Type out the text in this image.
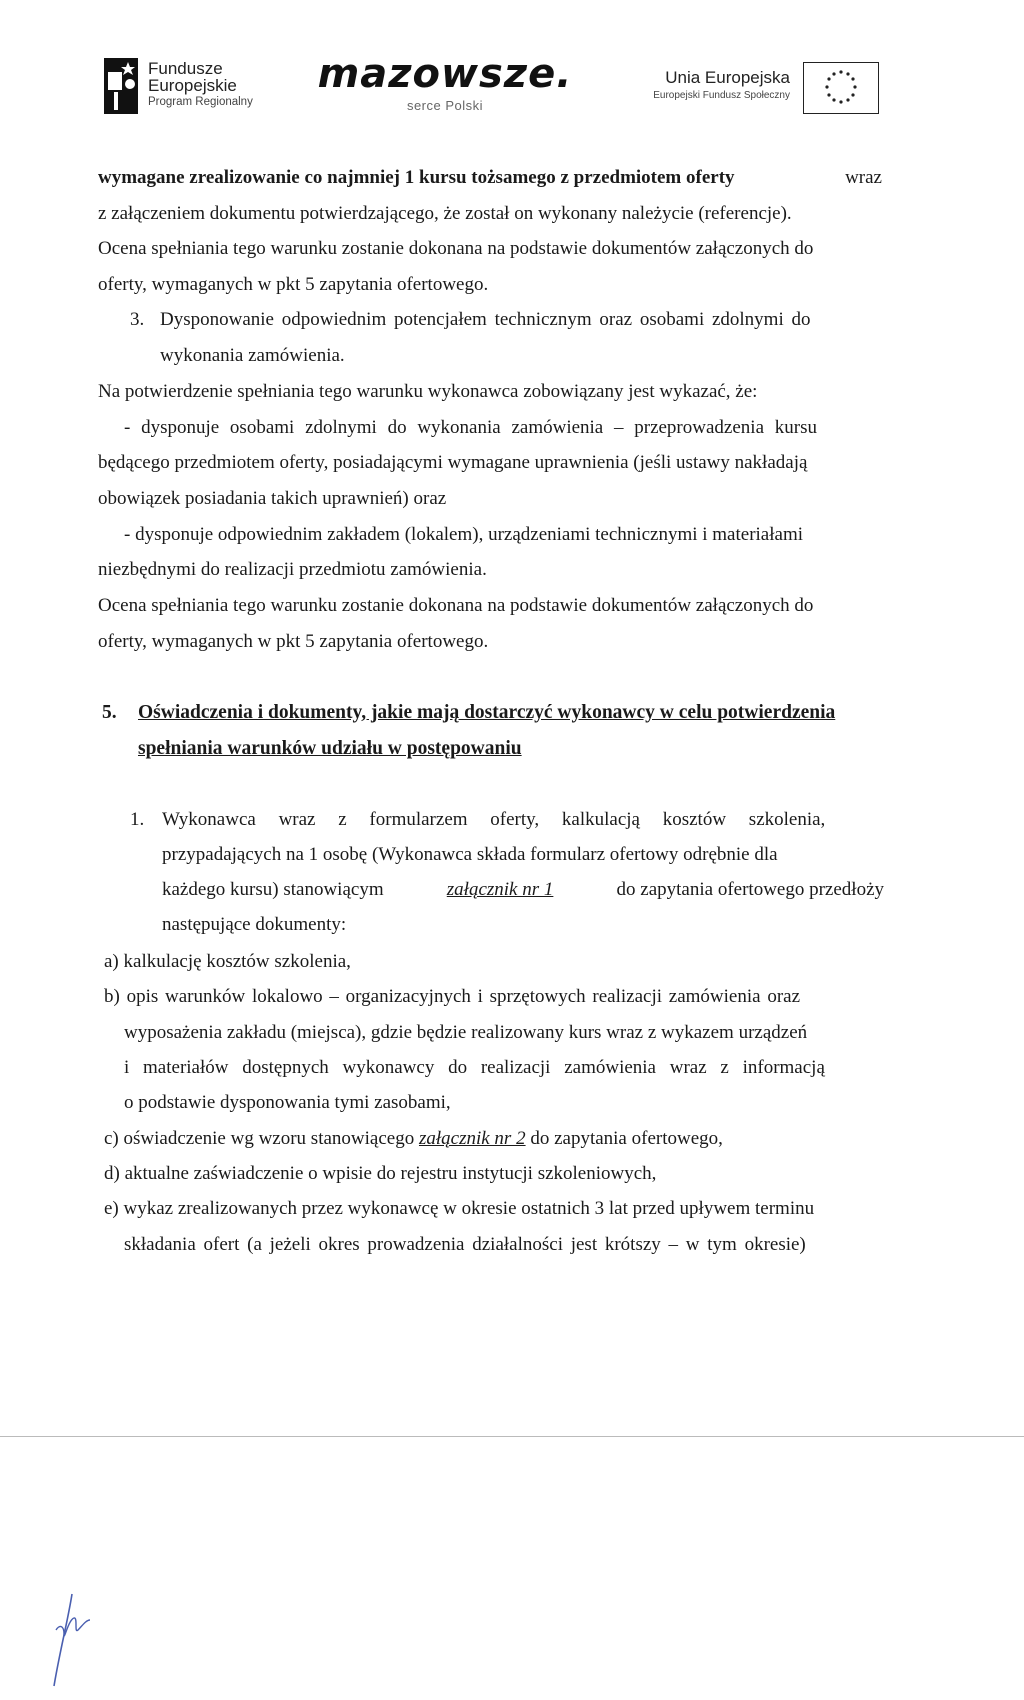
Fundusze
Europejskie
Program Regionalny
mazowsze.
serce Polski
Unia Europejska
Europejski Fundusz Społeczny
wymagane zrealizowanie co najmniej 1 kursu tożsamego z przedmiotem oferty	wraz
z załączeniem dokumentu potwierdzającego, że został on wykonany należycie (referencje).
Ocena spełniania tego warunku zostanie dokonana na podstawie dokumentów załączonych do
oferty, wymaganych w pkt 5 zapytania ofertowego.
3. Dysponowanie odpowiednim potencjałem technicznym oraz osobami zdolnymi do
wykonania zamówienia.
Na potwierdzenie spełniania tego warunku wykonawca zobowiązany jest wykazać, że:
- dysponuje osobami zdolnymi do wykonania zamówienia – przeprowadzenia kursu
będącego przedmiotem oferty, posiadającymi wymagane uprawnienia (jeśli ustawy nakładają
obowiązek posiadania takich uprawnień) oraz
- dysponuje odpowiednim zakładem (lokalem), urządzeniami technicznymi i materiałami
niezbędnymi do realizacji przedmiotu zamówienia.
Ocena spełniania tego warunku zostanie dokonana na podstawie dokumentów załączonych do
oferty, wymaganych w pkt 5 zapytania ofertowego.
5. Oświadczenia i dokumenty, jakie mają dostarczyć wykonawcy w celu potwierdzenia
spełniania warunków udziału w postępowaniu
1. Wykonawca wraz z formularzem oferty, kalkulacją kosztów szkolenia,
przypadających na 1 osobę (Wykonawca składa formularz ofertowy odrębnie dla
każdego kursu) stanowiącym	załącznik nr 1	do zapytania ofertowego przedłoży
następujące dokumenty:
a) kalkulację kosztów szkolenia,
b) opis warunków lokalowo – organizacyjnych i sprzętowych realizacji zamówienia oraz
wyposażenia zakładu (miejsca), gdzie będzie realizowany kurs wraz z wykazem urządzeń
i materiałów dostępnych wykonawcy do realizacji zamówienia wraz z informacją
o podstawie dysponowania tymi zasobami,
c) oświadczenie wg wzoru stanowiącego załącznik nr 2 do zapytania ofertowego,
d) aktualne zaświadczenie o wpisie do rejestru instytucji szkoleniowych,
e) wykaz zrealizowanych przez wykonawcę w okresie ostatnich 3 lat przed upływem terminu
składania ofert (a jeżeli okres prowadzenia działalności jest krótszy – w tym okresie)
